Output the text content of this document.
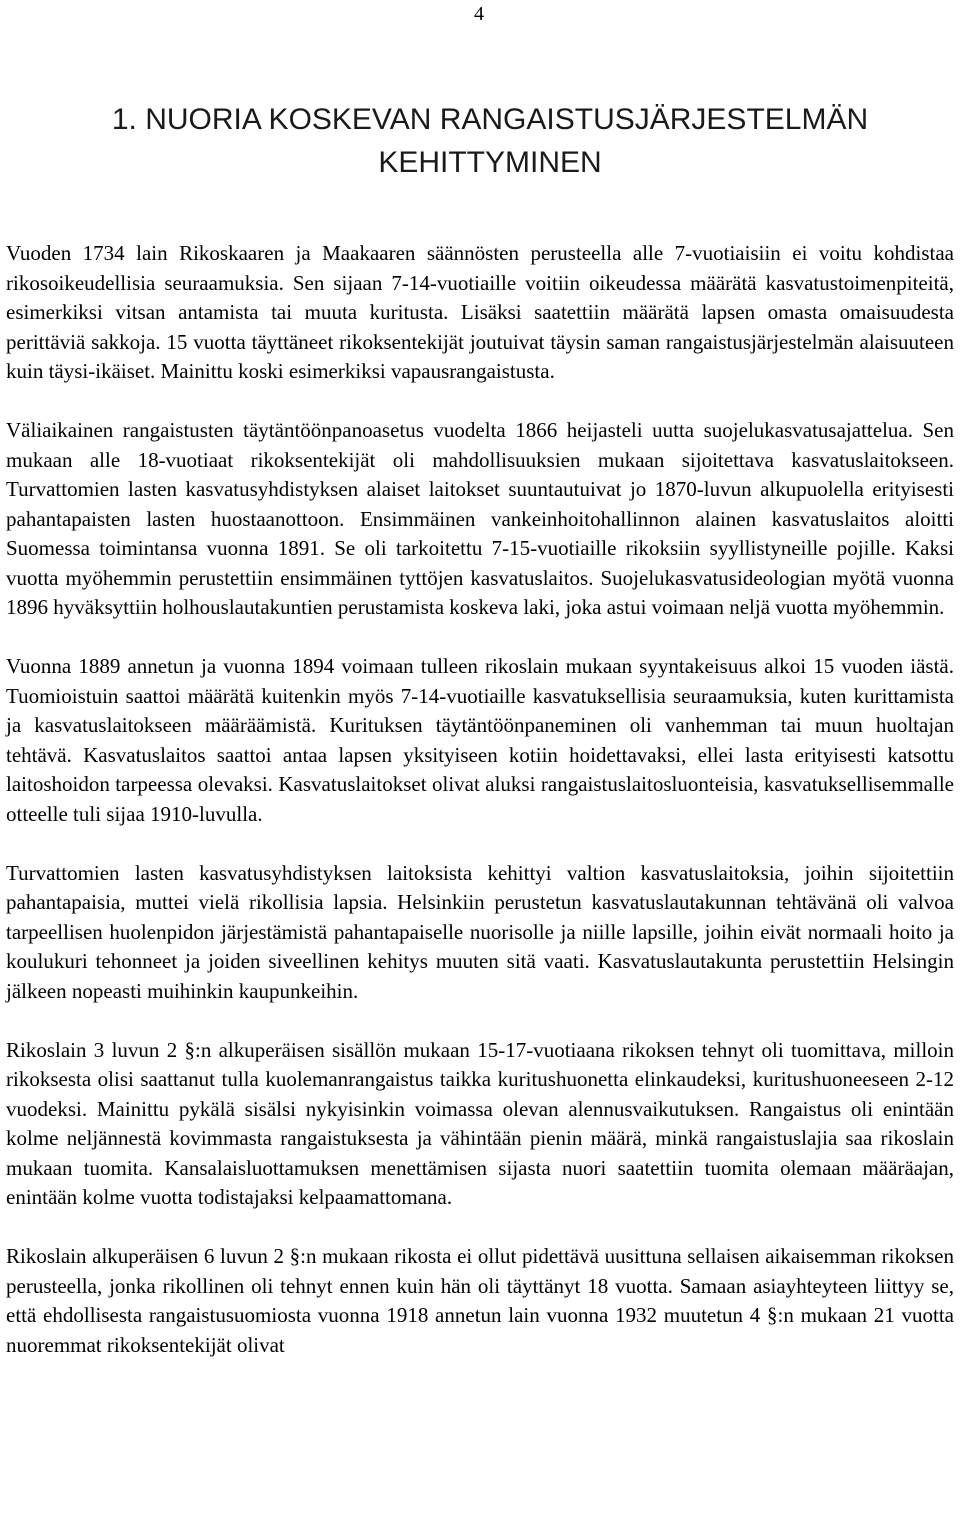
4
1. NUORIA KOSKEVAN RANGAISTUSJÄRJESTELMÄN KEHITTYMINEN

Vuoden 1734 lain Rikoskaaren ja Maakaaren säännösten perusteella alle 7-vuotiaisiin ei voitu kohdistaa rikosoikeudellisia seuraamuksia. Sen sijaan 7-14-vuotiaille voitiin oikeudessa määrätä kasvatustoimenpiteitä, esimerkiksi vitsan antamista tai muuta kuritusta. Lisäksi saatettiin määrätä lapsen omasta omaisuudesta perittäviä sakkoja. 15 vuotta täyttäneet rikoksentekijät joutuivat täysin saman rangaistusjärjestelmän alaisuuteen kuin täysi-ikäiset. Mainittu koski esimerkiksi vapausrangaistusta.

Väliaikainen rangaistusten täytäntöönpanoasetus vuodelta 1866 heijasteli uutta suojelukasvatusajattelua. Sen mukaan alle 18-vuotiaat rikoksentekijät oli mahdollisuuksien mukaan sijoitettava kasvatuslaitokseen. Turvattomien lasten kasvatusyhdistyksen alaiset laitokset suuntautuivat jo 1870-luvun alkupuolella erityisesti pahantapaisten lasten huostaanottoon. Ensimmäinen vankeinhoitohallinnon alainen kasvatuslaitos aloitti Suomessa toimintansa vuonna 1891. Se oli tarkoitettu 7-15-vuotiaille rikoksiin syyllistyneille pojille. Kaksi vuotta myöhemmin perustettiin ensimmäinen tyttöjen kasvatuslaitos. Suojelukasvatusideologian myötä vuonna 1896 hyväksyttiin holhouslautakuntien perustamista koskeva laki, joka astui voimaan neljä vuotta myöhemmin.

Vuonna 1889 annetun ja vuonna 1894 voimaan tulleen rikoslain mukaan syyntakeisuus alkoi 15 vuoden iästä. Tuomioistuin saattoi määrätä kuitenkin myös 7-14-vuotiaille kasvatuksellisia seuraamuksia, kuten kurittamista ja kasvatuslaitokseen määräämistä. Kurituksen täytäntöönpaneminen oli vanhemman tai muun huoltajan tehtävä. Kasvatuslaitos saattoi antaa lapsen yksityiseen kotiin hoidettavaksi, ellei lasta erityisesti katsottu laitoshoidon tarpeessa olevaksi. Kasvatuslaitokset olivat aluksi rangaistuslaitosluonteisia, kasvatuksellisemmalle otteelle tuli sijaa 1910-luvulla.

Turvattomien lasten kasvatusyhdistyksen laitoksista kehittyi valtion kasvatuslaitoksia, joihin sijoitettiin pahantapaisia, muttei vielä rikollisia lapsia. Helsinkiin perustetun kasvatuslautakunnan tehtävänä oli valvoa tarpeellisen huolenpidon järjestämistä pahantapaiselle nuorisolle ja niille lapsille, joihin eivät normaali hoito ja koulukuri tehonneet ja joiden siveellinen kehitys muuten sitä vaati. Kasvatuslautakunta perustettiin Helsingin jälkeen nopeasti muihinkin kaupunkeihin.

Rikoslain 3 luvun 2 §:n alkuperäisen sisällön mukaan 15-17-vuotiaana rikoksen tehnyt oli tuomittava, milloin rikoksesta olisi saattanut tulla kuolemanrangaistus taikka kuritushuonetta elinkaudeksi, kuritushuoneeseen 2-12 vuodeksi. Mainittu pykälä sisälsi nykyisinkin voimassa olevan alennusvaikutuksen. Rangaistus oli enintään kolme neljännestä kovimmasta rangaistuksesta ja vähintään pienin määrä, minkä rangaistuslajia saa rikoslain mukaan tuomita. Kansalaisluottamuksen menettämisen sijasta nuori saatettiin tuomita olemaan määräajan, enintään kolme vuotta todistajaksi kelpaamattomana.

Rikoslain alkuperäisen 6 luvun 2 §:n mukaan rikosta ei ollut pidettävä uusittuna sellaisen aikaisemman rikoksen perusteella, jonka rikollinen oli tehnyt ennen kuin hän oli täyttänyt 18 vuotta. Samaan asiayhteyteen liittyy se, että ehdollisesta rangaistusuomiosta vuonna 1918 annetun lain vuonna 1932 muutetun 4 §:n mukaan 21 vuotta nuoremmat rikoksentekijät olivat
